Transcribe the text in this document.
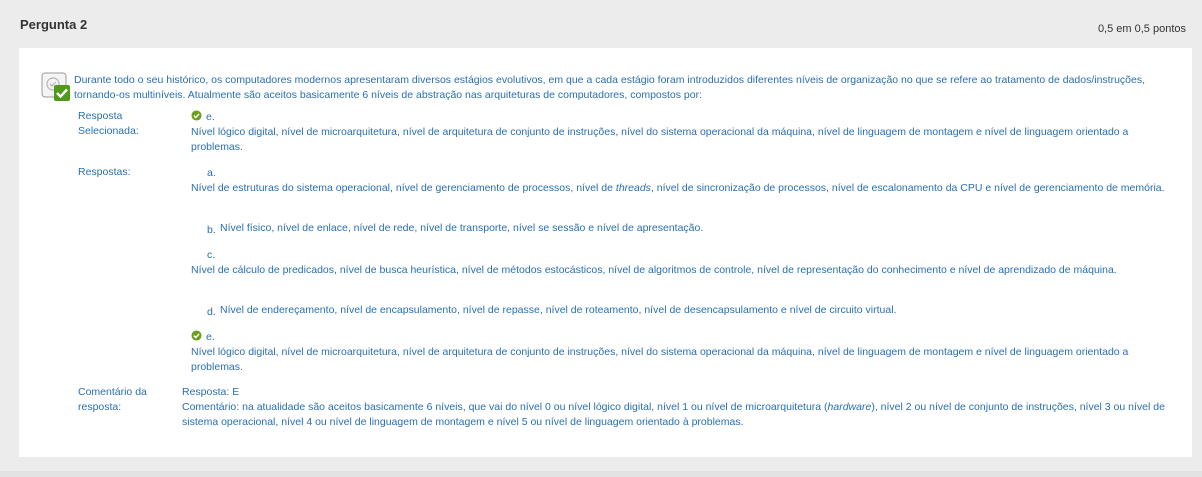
Pergunta 2	0,5 em 0,5 pontos
Durante todo o seu histórico, os computadores modernos apresentaram diversos estágios evolutivos, em que a cada estágio foram introduzidos diferentes níveis de organização no que se refere ao tratamento de dados/instruções, tornando-os multiníveis. Atualmente são aceitos basicamente 6 níveis de abstração nas arquiteturas de computadores, compostos por:
Resposta Selecionada:
e.
Nível lógico digital, nível de microarquitetura, nível de arquitetura de conjunto de instruções, nível do sistema operacional da máquina, nível de linguagem de montagem e nível de linguagem orientado a problemas.
Respostas:	a.
Nível de estruturas do sistema operacional, nível de gerenciamento de processos, nível de threads, nível de sincronização de processos, nível de escalonamento da CPU e nível de gerenciamento de memória.
b. Nível físico, nível de enlace, nível de rede, nível de transporte, nível se sessão e nível de apresentação.
c.
Nível de cálculo de predicados, nível de busca heurística, nível de métodos estocásticos, nível de algoritmos de controle, nível de representação do conhecimento e nível de aprendizado de máquina.
d. Nível de endereçamento, nível de encapsulamento, nível de repasse, nível de roteamento, nível de desencapsulamento e nível de circuito virtual.
e.
Nível lógico digital, nível de microarquitetura, nível de arquitetura de conjunto de instruções, nível do sistema operacional da máquina, nível de linguagem de montagem e nível de linguagem orientado a problemas.
Comentário da resposta:
Resposta: E
Comentário: na atualidade são aceitos basicamente 6 níveis, que vai do nível 0 ou nível lógico digital, nível 1 ou nível de microarquitetura (hardware), nível 2 ou nível de conjunto de instruções, nível 3 ou nível de sistema operacional, nível 4 ou nível de linguagem de montagem e nível 5 ou nível de linguagem orientado à problemas.
